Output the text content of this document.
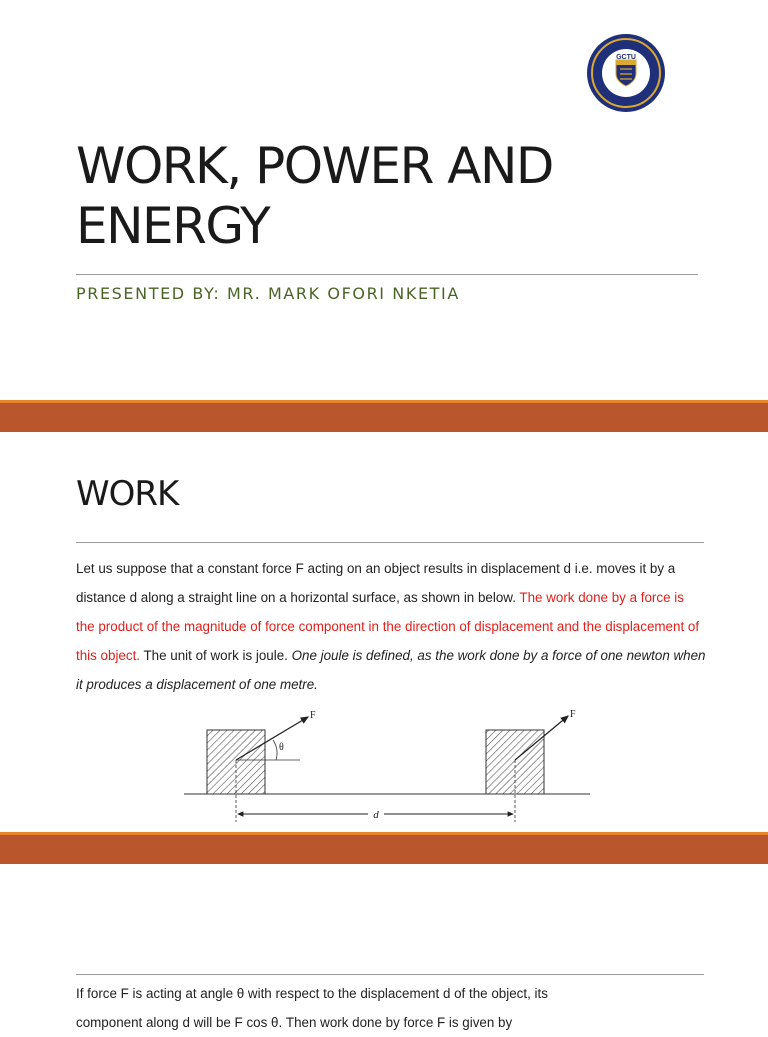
GCTU
WORK, POWER AND
ENERGY

PRESENTED BY: MR. MARK OFORI NKETIA

WORK

Let us suppose that a constant force F acting on an object results in displacement d i.e. moves it by a distance d along a straight line on a horizontal surface, as shown in below. The work done by a force is the product of the magnitude of force component in the direction of displacement and the displacement of this object. The unit of work is joule. One joule is defined, as the work done by a force of one newton when it produces a displacement of one metre.

F
θ
F
d

If force F is acting at angle θ with respect to the displacement d of the object, its
component along d will be F cos θ. Then work done by force F is given by
